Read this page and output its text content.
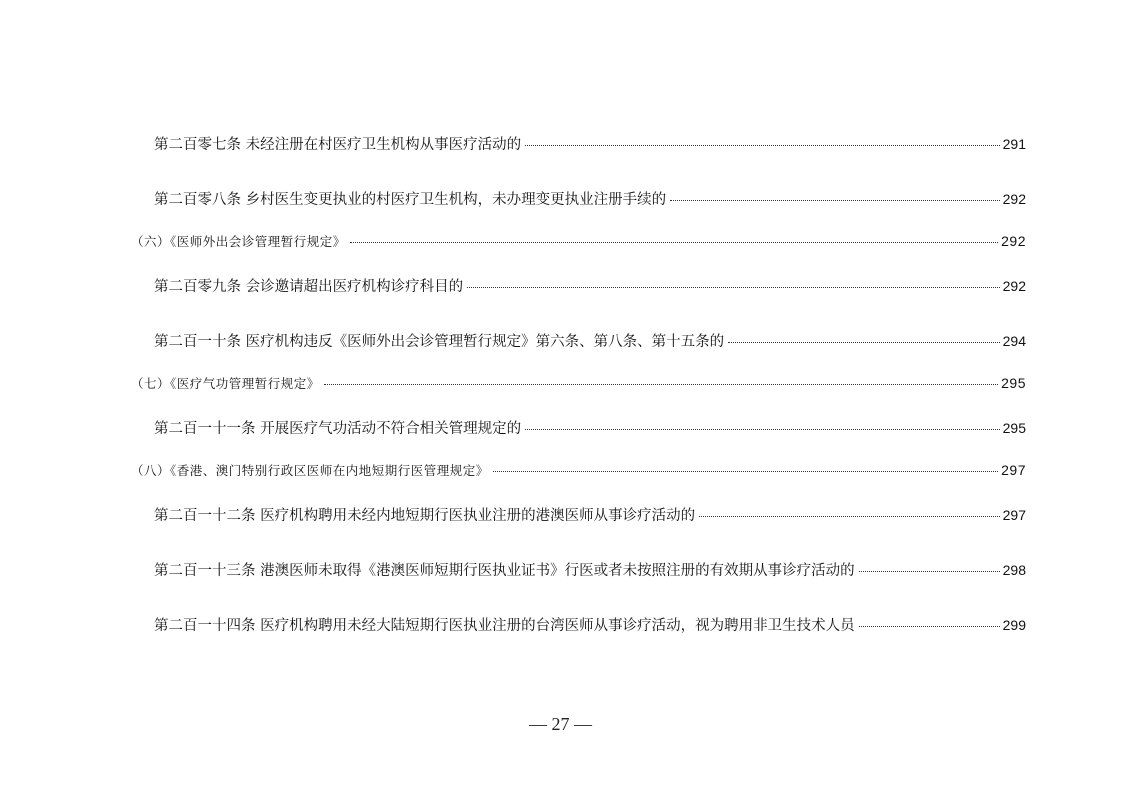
第二百零七条 未经注册在村医疗卫生机构从事医疗活动的	291
第二百零八条 乡村医生变更执业的村医疗卫生机构，未办理变更执业注册手续的	292
（六）《医师外出会诊管理暂行规定》	292
第二百零九条 会诊邀请超出医疗机构诊疗科目的	292
第二百一十条 医疗机构违反《医师外出会诊管理暂行规定》第六条、第八条、第十五条的	294
（七）《医疗气功管理暂行规定》	295
第二百一十一条 开展医疗气功活动不符合相关管理规定的	295
（八）《香港、澳门特别行政区医师在内地短期行医管理规定》	297
第二百一十二条 医疗机构聘用未经内地短期行医执业注册的港澳医师从事诊疗活动的	297
第二百一十三条 港澳医师未取得《港澳医师短期行医执业证书》行医或者未按照注册的有效期从事诊疗活动的	298
第二百一十四条 医疗机构聘用未经大陆短期行医执业注册的台湾医师从事诊疗活动，视为聘用非卫生技术人员	299
— 27 —
